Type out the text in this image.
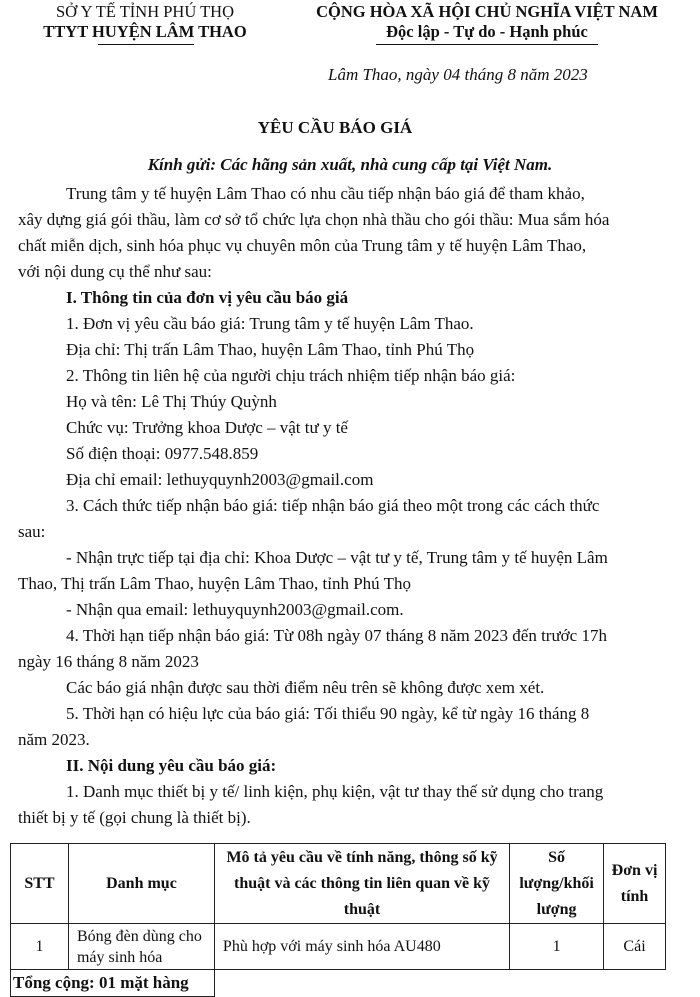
SỞ Y TẾ TỈNH PHÚ THỌ
TTYT HUYỆN LÂM THAO
CỘNG HÒA XÃ HỘI CHỦ NGHĨA VIỆT NAM
Độc lập - Tự do - Hạnh phúc
Lâm Thao, ngày 04 tháng 8 năm 2023
YÊU CẦU BÁO GIÁ
Kính gửi: Các hãng sản xuất, nhà cung cấp tại Việt Nam.
Trung tâm y tế huyện Lâm Thao có nhu cầu tiếp nhận báo giá để tham khảo,
xây dựng giá gói thầu, làm cơ sở tổ chức lựa chọn nhà thầu cho gói thầu: Mua sắm hóa
chất miễn dịch, sinh hóa phục vụ chuyên môn của Trung tâm y tế huyện Lâm Thao,
với nội dung cụ thể như sau:
I. Thông tin của đơn vị yêu cầu báo giá
1. Đơn vị yêu cầu báo giá: Trung tâm y tế huyện Lâm Thao.
Địa chỉ: Thị trấn Lâm Thao, huyện Lâm Thao, tỉnh Phú Thọ
2. Thông tin liên hệ của người chịu trách nhiệm tiếp nhận báo giá:
Họ và tên: Lê Thị Thúy Quỳnh
Chức vụ: Trưởng khoa Dược – vật tư y tế
Số điện thoại: 0977.548.859
Địa chỉ email: lethuyquynh2003@gmail.com
3. Cách thức tiếp nhận báo giá: tiếp nhận báo giá theo một trong các cách thức
sau:
- Nhận trực tiếp tại địa chỉ: Khoa Dược – vật tư y tế, Trung tâm y tế huyện Lâm
Thao, Thị trấn Lâm Thao, huyện Lâm Thao, tỉnh Phú Thọ
- Nhận qua email: lethuyquynh2003@gmail.com.
4. Thời hạn tiếp nhận báo giá: Từ 08h ngày 07 tháng 8 năm 2023 đến trước 17h
ngày 16 tháng 8 năm 2023
Các báo giá nhận được sau thời điểm nêu trên sẽ không được xem xét.
5. Thời hạn có hiệu lực của báo giá: Tối thiểu 90 ngày, kể từ ngày 16 tháng 8
năm 2023.
II. Nội dung yêu cầu báo giá:
1. Danh mục thiết bị y tế/ linh kiện, phụ kiện, vật tư thay thế sử dụng cho trang
thiết bị y tế (gọi chung là thiết bị).
STT	Danh mục	Mô tả yêu cầu về tính năng, thông số kỹ thuật và các thông tin liên quan về kỹ thuật	Số lượng/khối lượng	Đơn vị tính
1	Bóng đèn dùng cho máy sinh hóa	Phù hợp với máy sinh hóa AU480	1	Cái
Tổng cộng: 01 mặt hàng				
